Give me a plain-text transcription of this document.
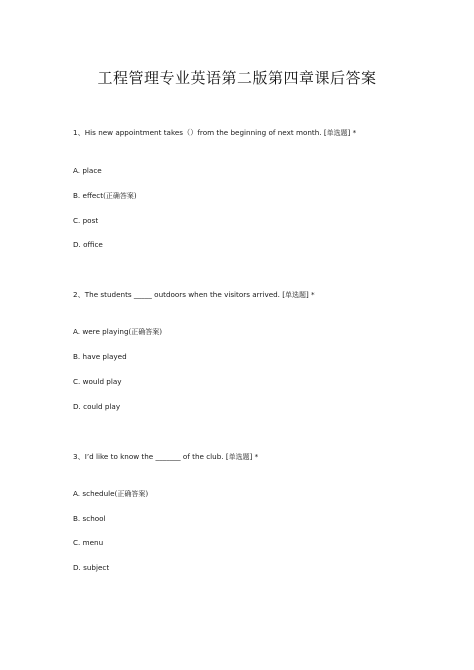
工程管理专业英语第二版第四章课后答案
1、His new appointment takes（）from the beginning of next month. [单选题] *
A. place
B. effect(正确答案)
C. post
D. office
2、The students _____ outdoors when the visitors arrived. [单选题] *
A. were playing(正确答案)
B. have played
C. would play
D. could play
3、I’d like to know the _______ of the club. [单选题] *
A. schedule(正确答案)
B. school
C. menu
D. subject
